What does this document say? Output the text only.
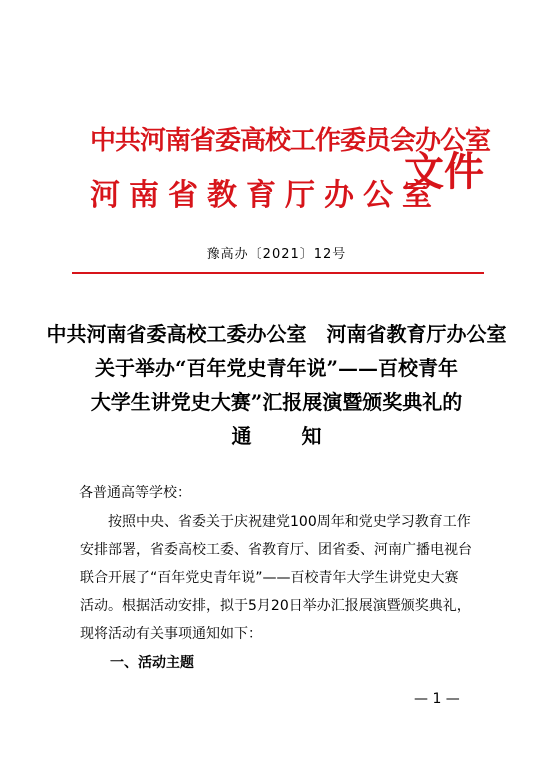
中共河南省委高校工作委员会办公室
河南省教育厅办公室
文件
豫高办〔2021〕12号
中共河南省委高校工委办公室　河南省教育厅办公室
关于举办“百年党史青年说”——百校青年
大学生讲党史大赛”汇报展演暨颁奖典礼的
通知
各普通高等学校：
按照中央、省委关于庆祝建党100周年和党史学习教育工作
安排部署，省委高校工委、省教育厅、团省委、河南广播电视台
联合开展了“百年党史青年说”——百校青年大学生讲党史大赛
活动。根据活动安排，拟于5月20日举办汇报展演暨颁奖典礼，
现将活动有关事项通知如下：
一、活动主题
— 1 —
